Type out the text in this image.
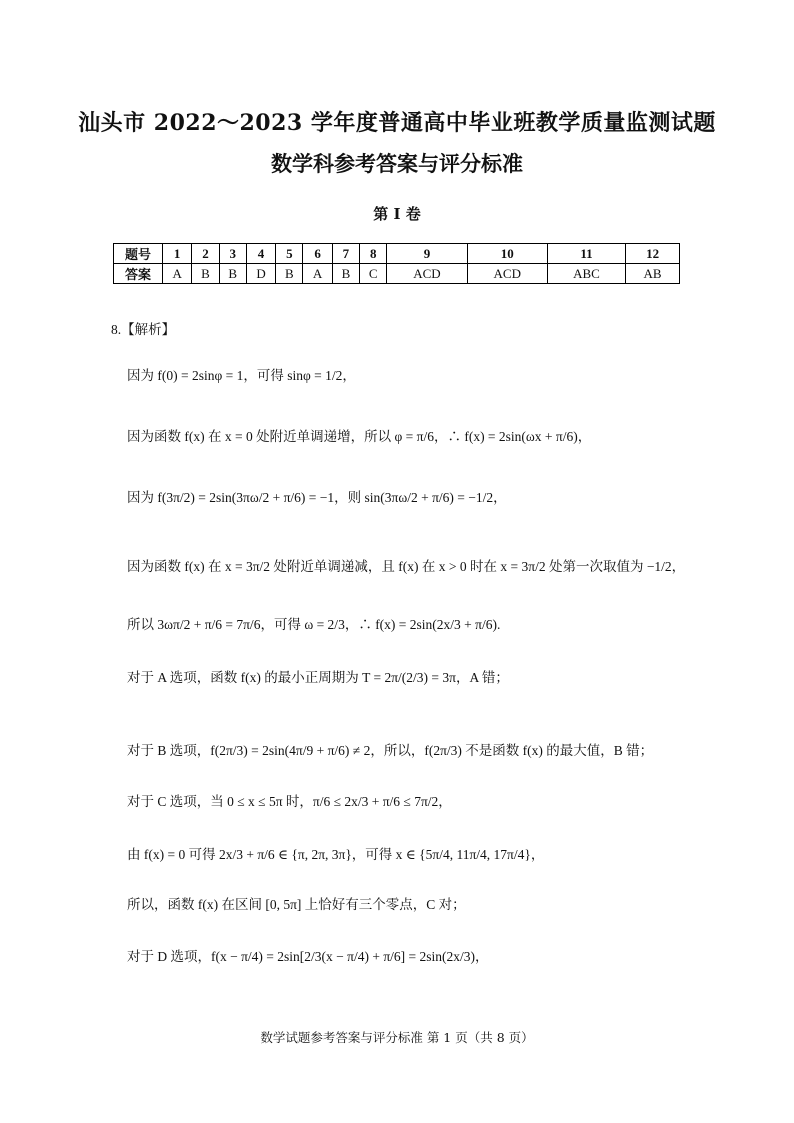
汕头市 2022～2023 学年度普通高中毕业班教学质量监测试题
数学科参考答案与评分标准
第 I 卷
题号	1	2	3	4	5	6	7	8	9	10	11	12
答案	A	B	B	D	B	A	B	C	ACD	ACD	ABC	AB
8.【解析】
因为 f(0) = 2sinφ = 1，可得 sinφ = 1/2，
因为函数 f(x) 在 x = 0 处附近单调递增，所以 φ = π/6，∴ f(x) = 2sin(ωx + π/6)，
因为 f(3π/2) = 2sin(3πω/2 + π/6) = −1，则 sin(3πω/2 + π/6) = −1/2，
因为函数 f(x) 在 x = 3π/2 处附近单调递减，且 f(x) 在 x > 0 时在 x = 3π/2 处第一次取值为 −1/2，
所以 3ωπ/2 + π/6 = 7π/6，可得 ω = 2/3，∴ f(x) = 2sin(2x/3 + π/6).
对于 A 选项，函数 f(x) 的最小正周期为 T = 2π/(2/3) = 3π，A 错；
对于 B 选项，f(2π/3) = 2sin(4π/9 + π/6) ≠ 2，所以，f(2π/3) 不是函数 f(x) 的最大值，B 错；
对于 C 选项，当 0 ≤ x ≤ 5π 时，π/6 ≤ 2x/3 + π/6 ≤ 7π/2，
由 f(x) = 0 可得 2x/3 + π/6 ∈ {π, 2π, 3π}，可得 x ∈ {5π/4, 11π/4, 17π/4}，
所以，函数 f(x) 在区间 [0, 5π] 上恰好有三个零点，C 对；
对于 D 选项，f(x − π/4) = 2sin[2/3(x − π/4) + π/6] = 2sin(2x/3)，
数学试题参考答案与评分标准 第 1 页（共 8 页）
